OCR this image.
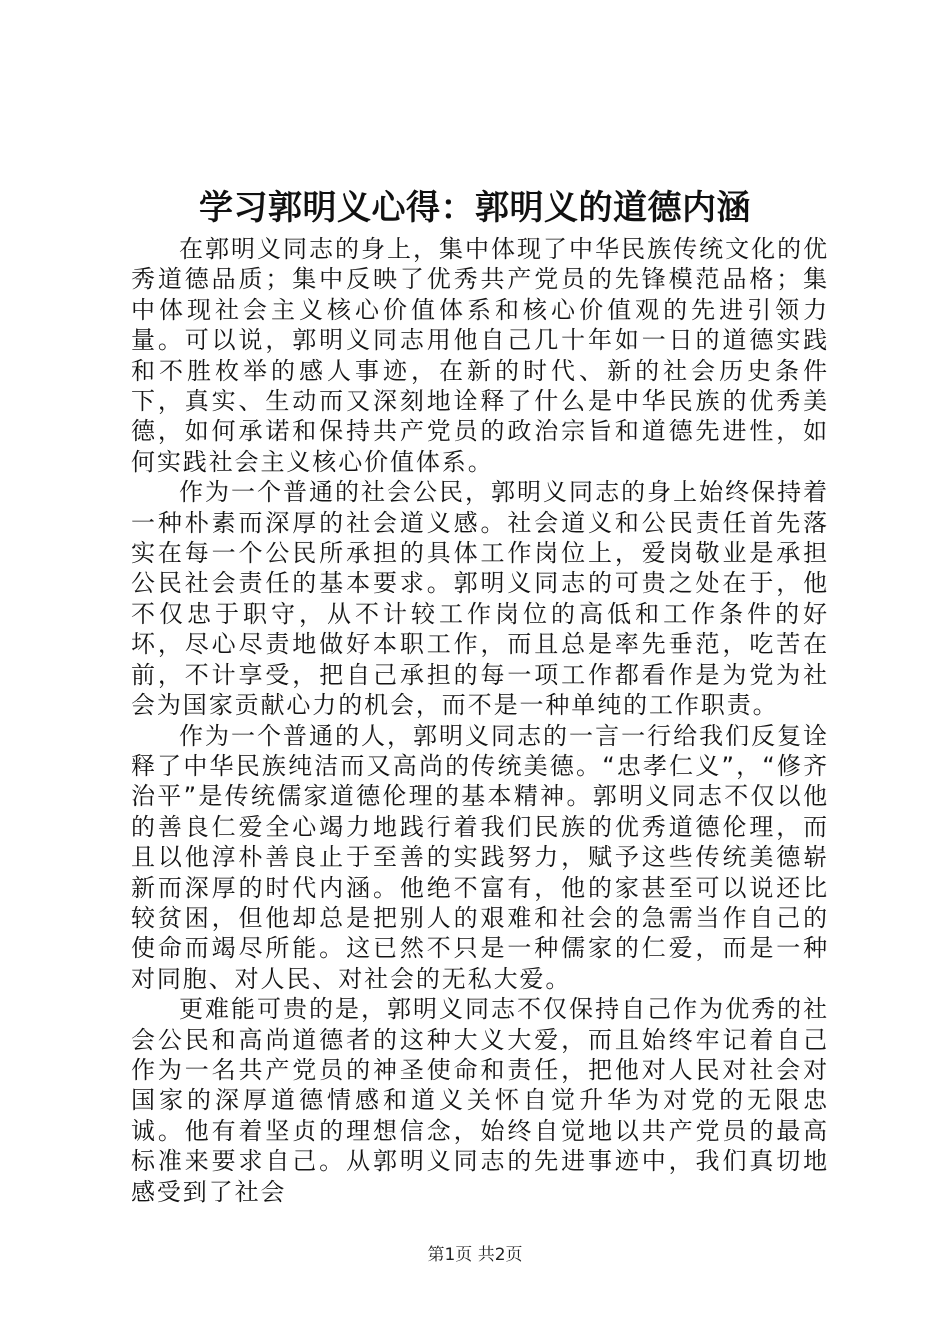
学习郭明义心得：郭明义的道德内涵

在郭明义同志的身上，集中体现了中华民族传统文化的优秀道德品质；集中反映了优秀共产党员的先锋模范品格；集中体现社会主义核心价值体系和核心价值观的先进引领力量。可以说，郭明义同志用他自己几十年如一日的道德实践和不胜枚举的感人事迹，在新的时代、新的社会历史条件下，真实、生动而又深刻地诠释了什么是中华民族的优秀美德，如何承诺和保持共产党员的政治宗旨和道德先进性，如何实践社会主义核心价值体系。

作为一个普通的社会公民，郭明义同志的身上始终保持着一种朴素而深厚的社会道义感。社会道义和公民责任首先落实在每一个公民所承担的具体工作岗位上，爱岗敬业是承担公民社会责任的基本要求。郭明义同志的可贵之处在于，他不仅忠于职守，从不计较工作岗位的高低和工作条件的好坏，尽心尽责地做好本职工作，而且总是率先垂范，吃苦在前，不计享受，把自己承担的每一项工作都看作是为党为社会为国家贡献心力的机会，而不是一种单纯的工作职责。

作为一个普通的人，郭明义同志的一言一行给我们反复诠释了中华民族纯洁而又高尚的传统美德。“忠孝仁义”，“修齐治平”是传统儒家道德伦理的基本精神。郭明义同志不仅以他的善良仁爱全心竭力地践行着我们民族的优秀道德伦理，而且以他淳朴善良止于至善的实践努力，赋予这些传统美德崭新而深厚的时代内涵。他绝不富有，他的家甚至可以说还比较贫困，但他却总是把别人的艰难和社会的急需当作自己的使命而竭尽所能。这已然不只是一种儒家的仁爱，而是一种对同胞、对人民、对社会的无私大爱。

更难能可贵的是，郭明义同志不仅保持自己作为优秀的社会公民和高尚道德者的这种大义大爱，而且始终牢记着自己作为一名共产党员的神圣使命和责任，把他对人民对社会对国家的深厚道德情感和道义关怀自觉升华为对党的无限忠诚。他有着坚贞的理想信念，始终自觉地以共产党员的最高标准来要求自己。从郭明义同志的先进事迹中，我们真切地感受到了社会

第1页 共2页
